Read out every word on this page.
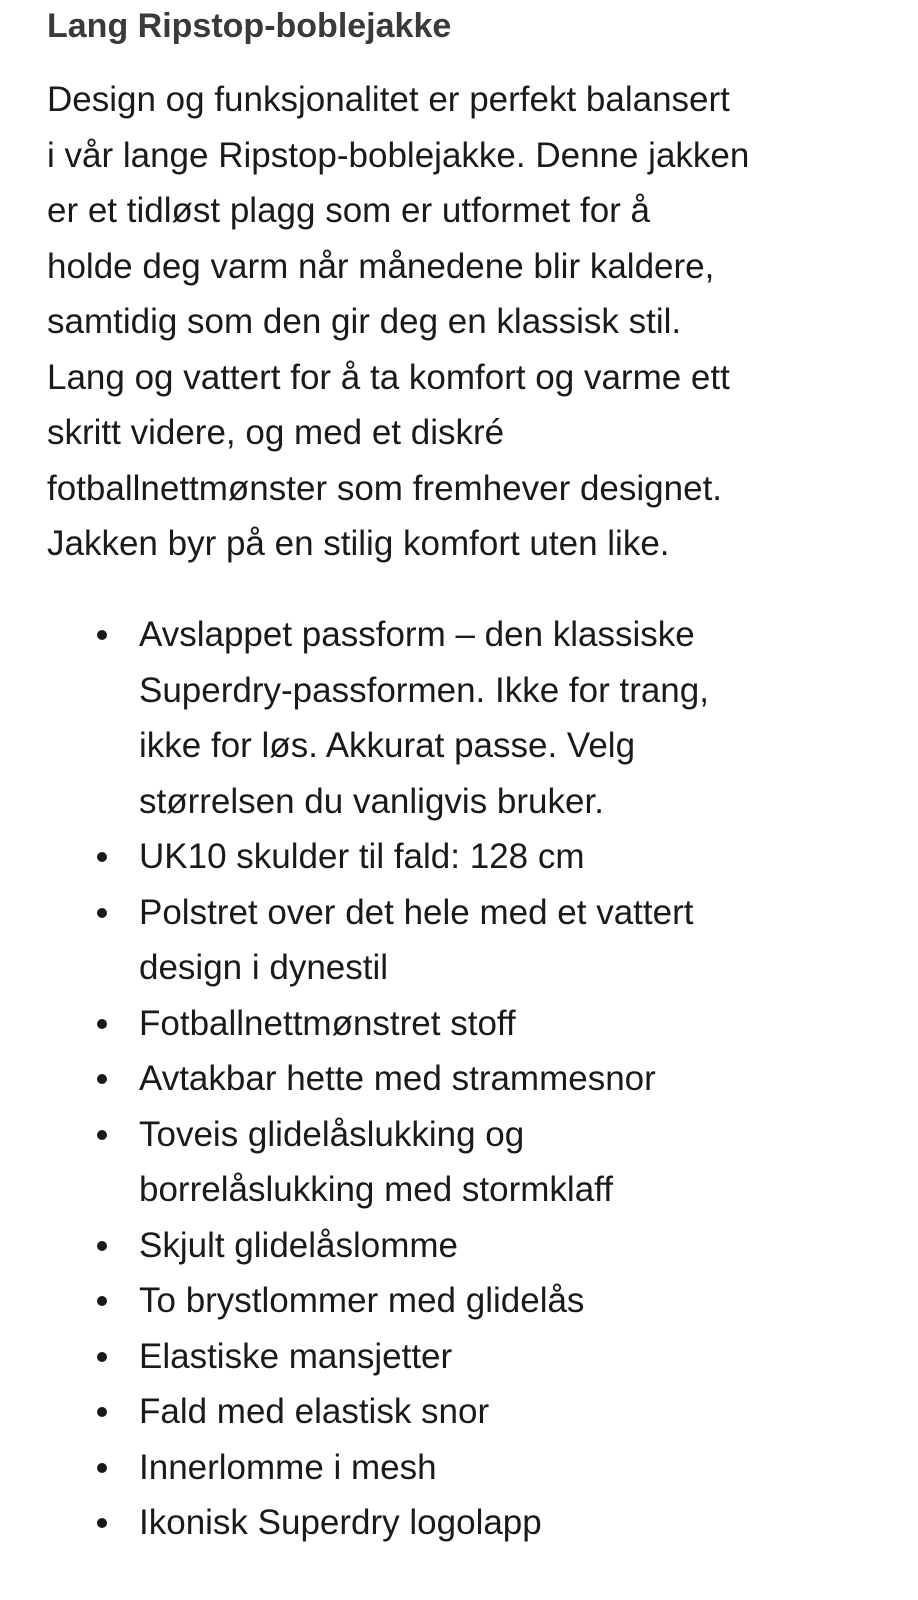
Lang Ripstop-boblejakke

Design og funksjonalitet er perfekt balansert
i vår lange Ripstop-boblejakke. Denne jakken
er et tidløst plagg som er utformet for å
holde deg varm når månedene blir kaldere,
samtidig som den gir deg en klassisk stil.
Lang og vattert for å ta komfort og varme ett
skritt videre, og med et diskré
fotballnettmønster som fremhever designet.
Jakken byr på en stilig komfort uten like.

Avslappet passform – den klassiske
Superdry-passformen. Ikke for trang,
ikke for løs. Akkurat passe. Velg
størrelsen du vanligvis bruker.
UK10 skulder til fald: 128 cm
Polstret over det hele med et vattert
design i dynestil
Fotballnettmønstret stoff
Avtakbar hette med strammesnor
Toveis glidelåslukking og
borrelåslukking med stormklaff
Skjult glidelåslomme
To brystlommer med glidelås
Elastiske mansjetter
Fald med elastisk snor
Innerlomme i mesh
Ikonisk Superdry logolapp
